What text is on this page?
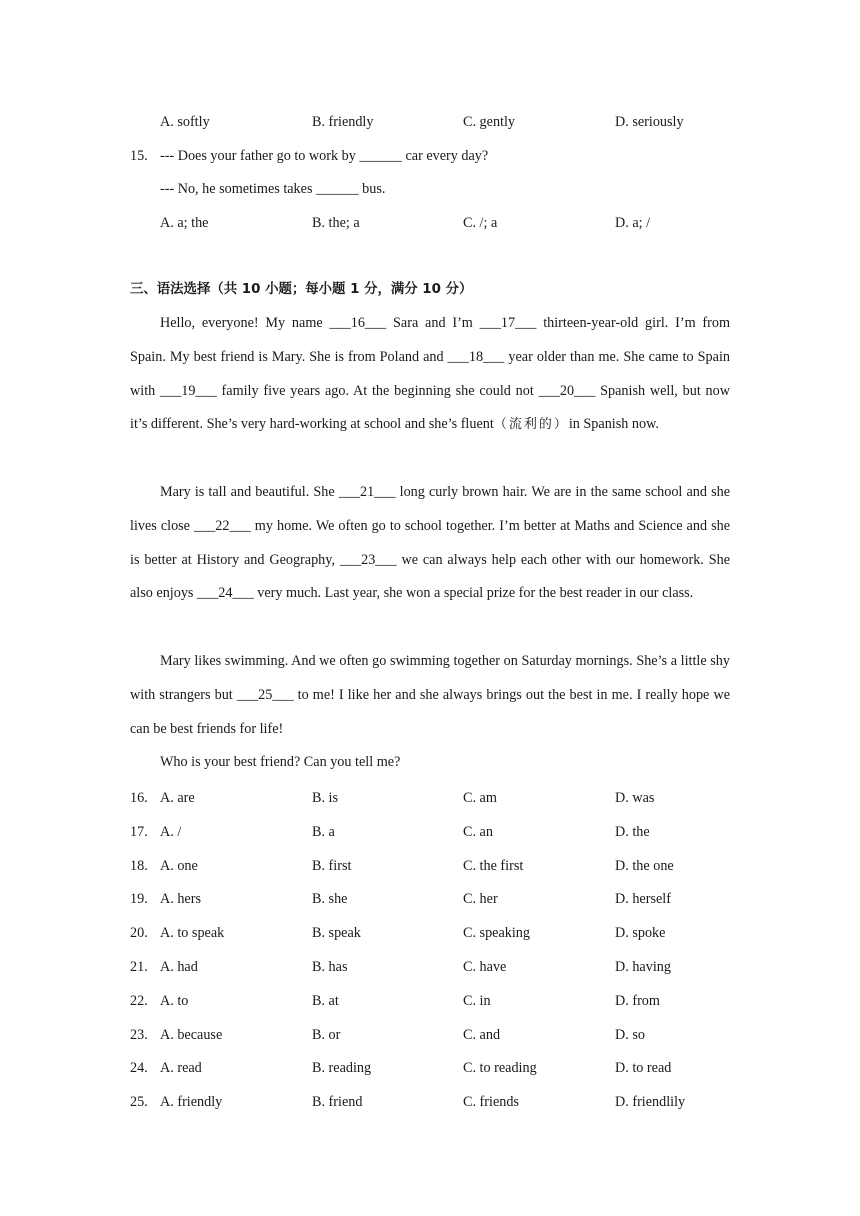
A. softly	B. friendly	C. gently	D. seriously
15. --- Does your father go to work by ______ car every day?
--- No, he sometimes takes ______ bus.
A. a; the	B. the; a	C. /; a	D. a; /
三、语法选择（共 10 小题；每小题 1 分，满分 10 分）

Hello, everyone! My name ___16___ Sara and I’m ___17___ thirteen-year-old girl. I’m from Spain. My best friend is Mary. She is from Poland and ___18___ year older than me. She came to Spain with ___19___ family five years ago. At the beginning she could not ___20___ Spanish well, but now it’s different. She’s very hard-working at school and she’s fluent（流利的）in Spanish now.

Mary is tall and beautiful. She ___21___ long curly brown hair. We are in the same school and she lives close ___22___ my home. We often go to school together. I’m better at Maths and Science and she is better at History and Geography, ___23___ we can always help each other with our homework. She also enjoys ___24___ very much. Last year, she won a special prize for the best reader in our class.

Mary likes swimming. And we often go swimming together on Saturday mornings. She’s a little shy with strangers but ___25___ to me! I like her and she always brings out the best in me. I really hope we can be best friends for life!

Who is your best friend? Can you tell me?

16. A. are	B. is	C. am	D. was
17. A. /	B. a	C. an	D. the
18. A. one	B. first	C. the first	D. the one
19. A. hers	B. she	C. her	D. herself
20. A. to speak	B. speak	C. speaking	D. spoke
21. A. had	B. has	C. have	D. having
22. A. to	B. at	C. in	D. from
23. A. because	B. or	C. and	D. so
24. A. read	B. reading	C. to reading	D. to read
25. A. friendly	B. friend	C. friends	D. friendlily
